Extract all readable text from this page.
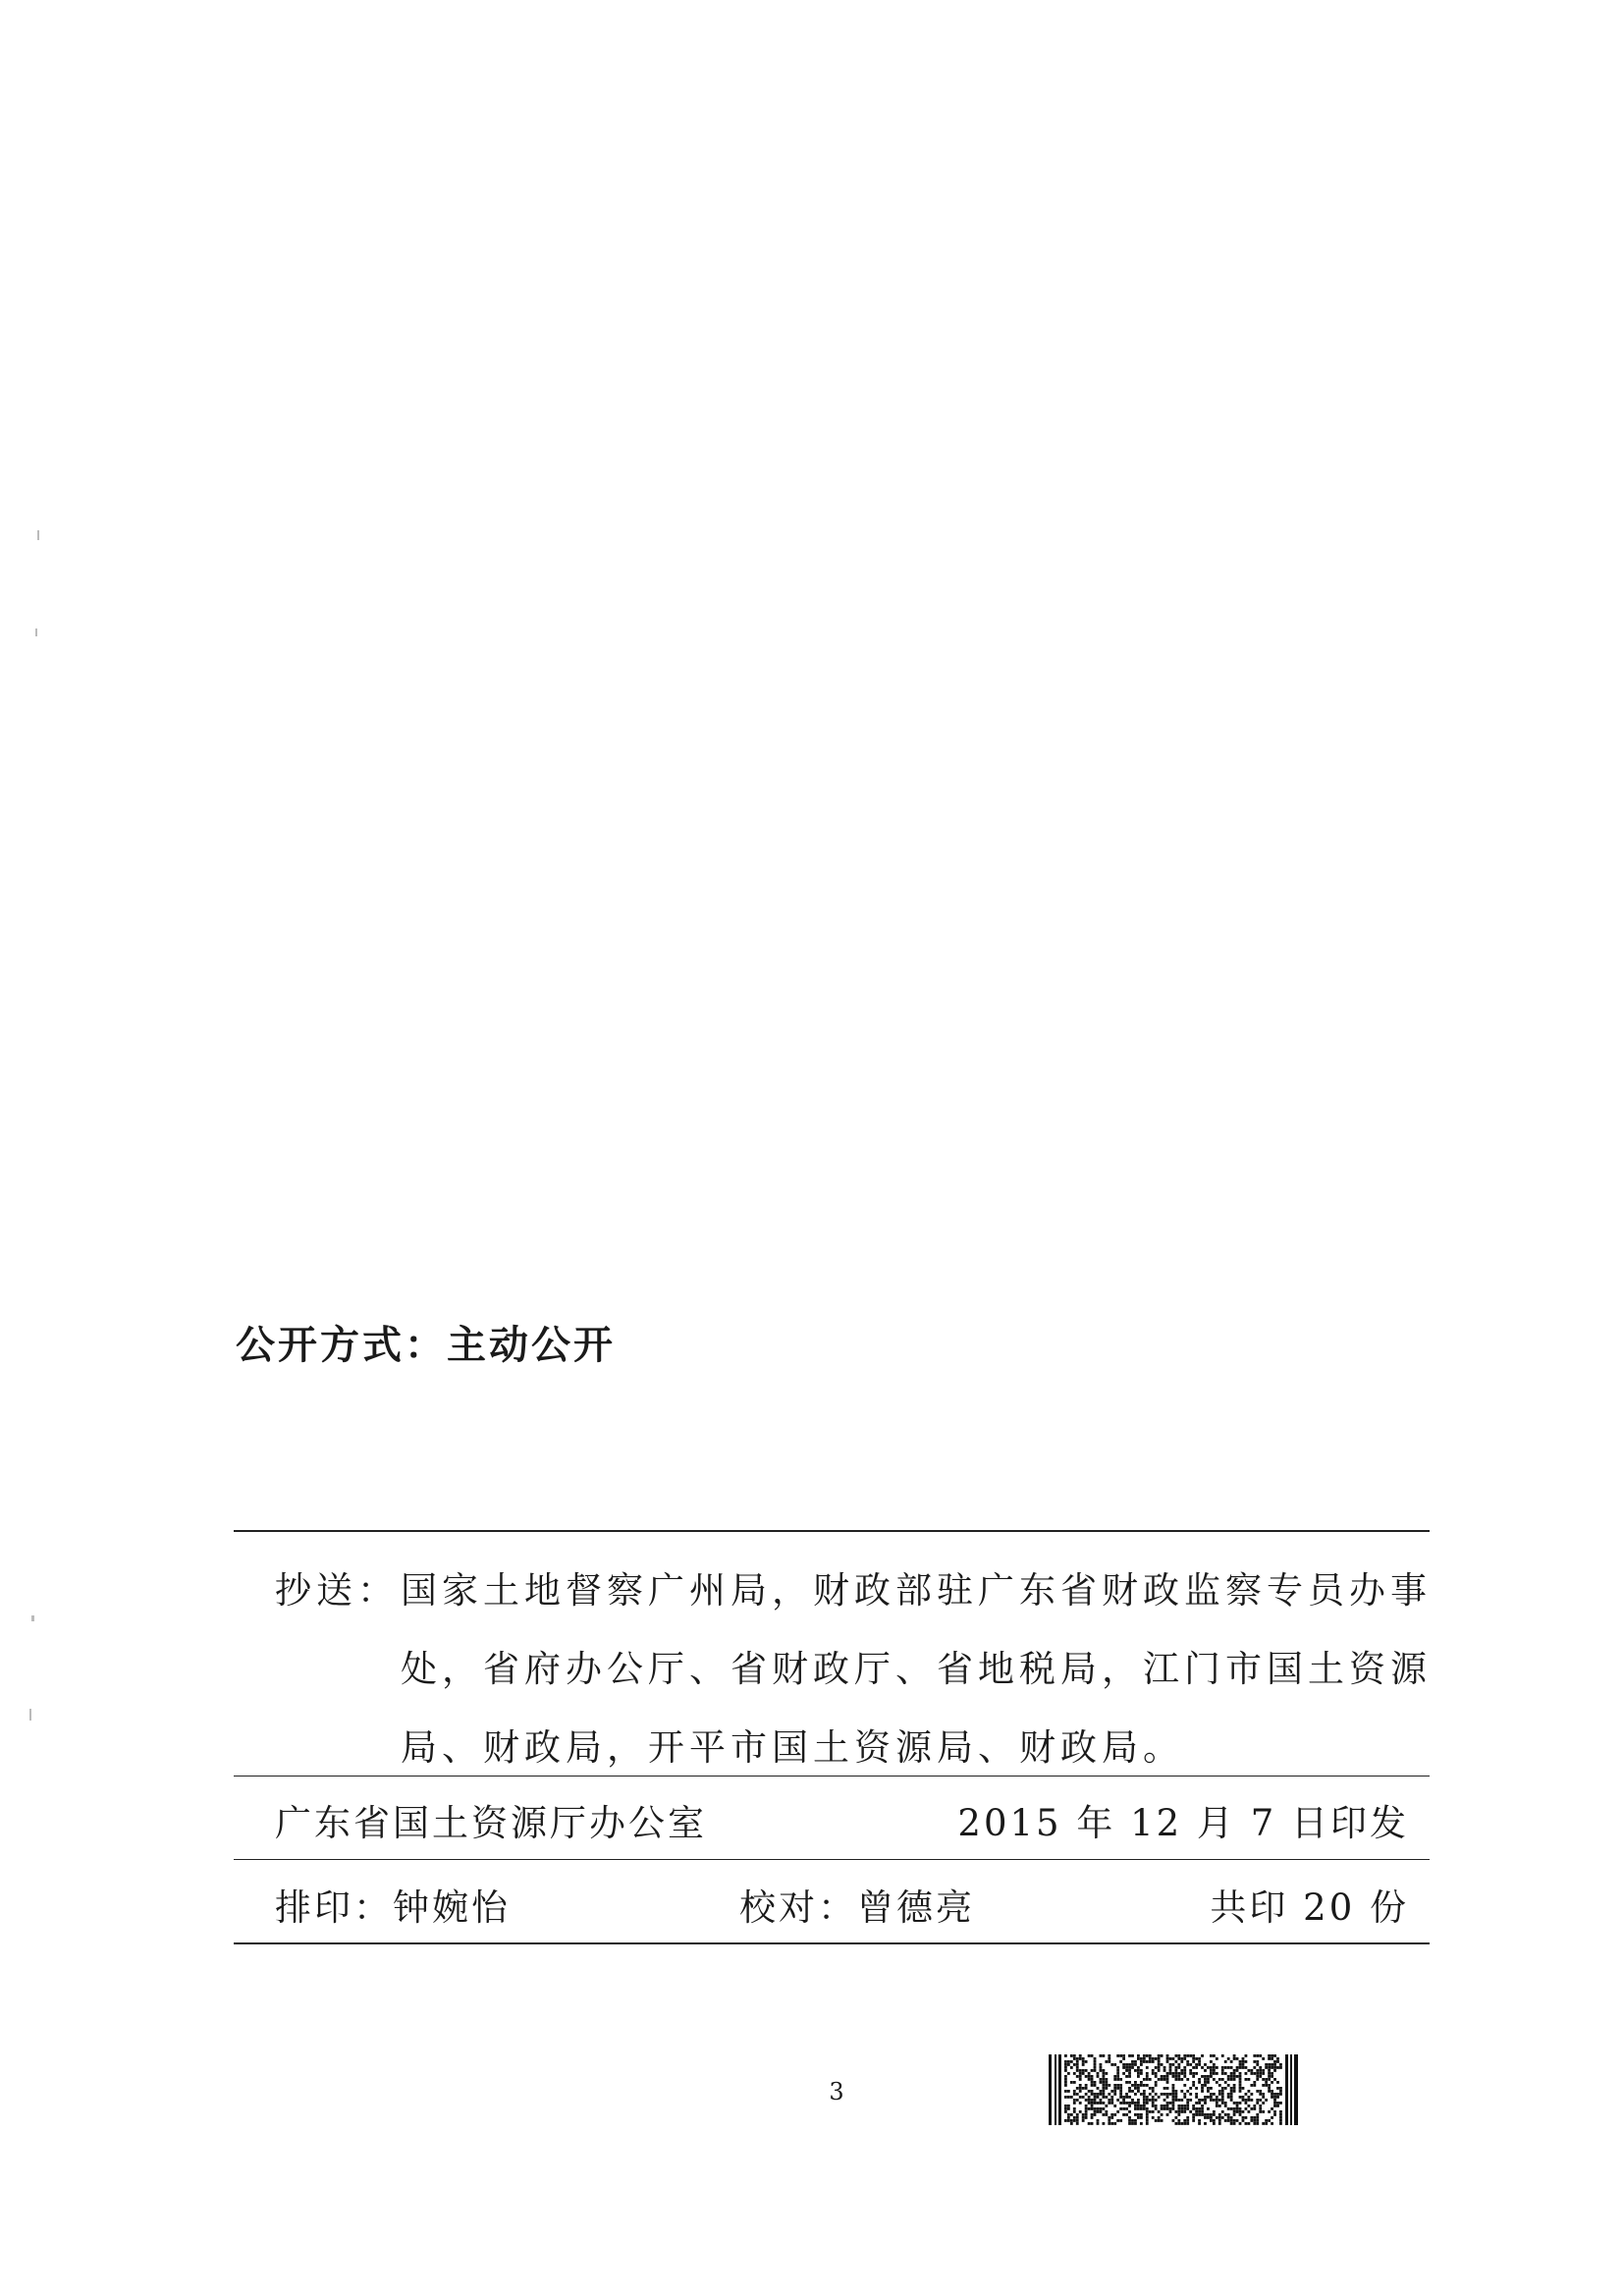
公开方式：主动公开
抄送： 国家土地督察广州局，财政部驻广东省财政监察专员办事
处，省府办公厅、省财政厅、省地税局，江门市国土资源
局、财政局，开平市国土资源局、财政局。
广东省国土资源厅办公室	2015 年 12 月 7 日印发
排印：钟婉怡	校对：曾德亮	共印 20 份
3
